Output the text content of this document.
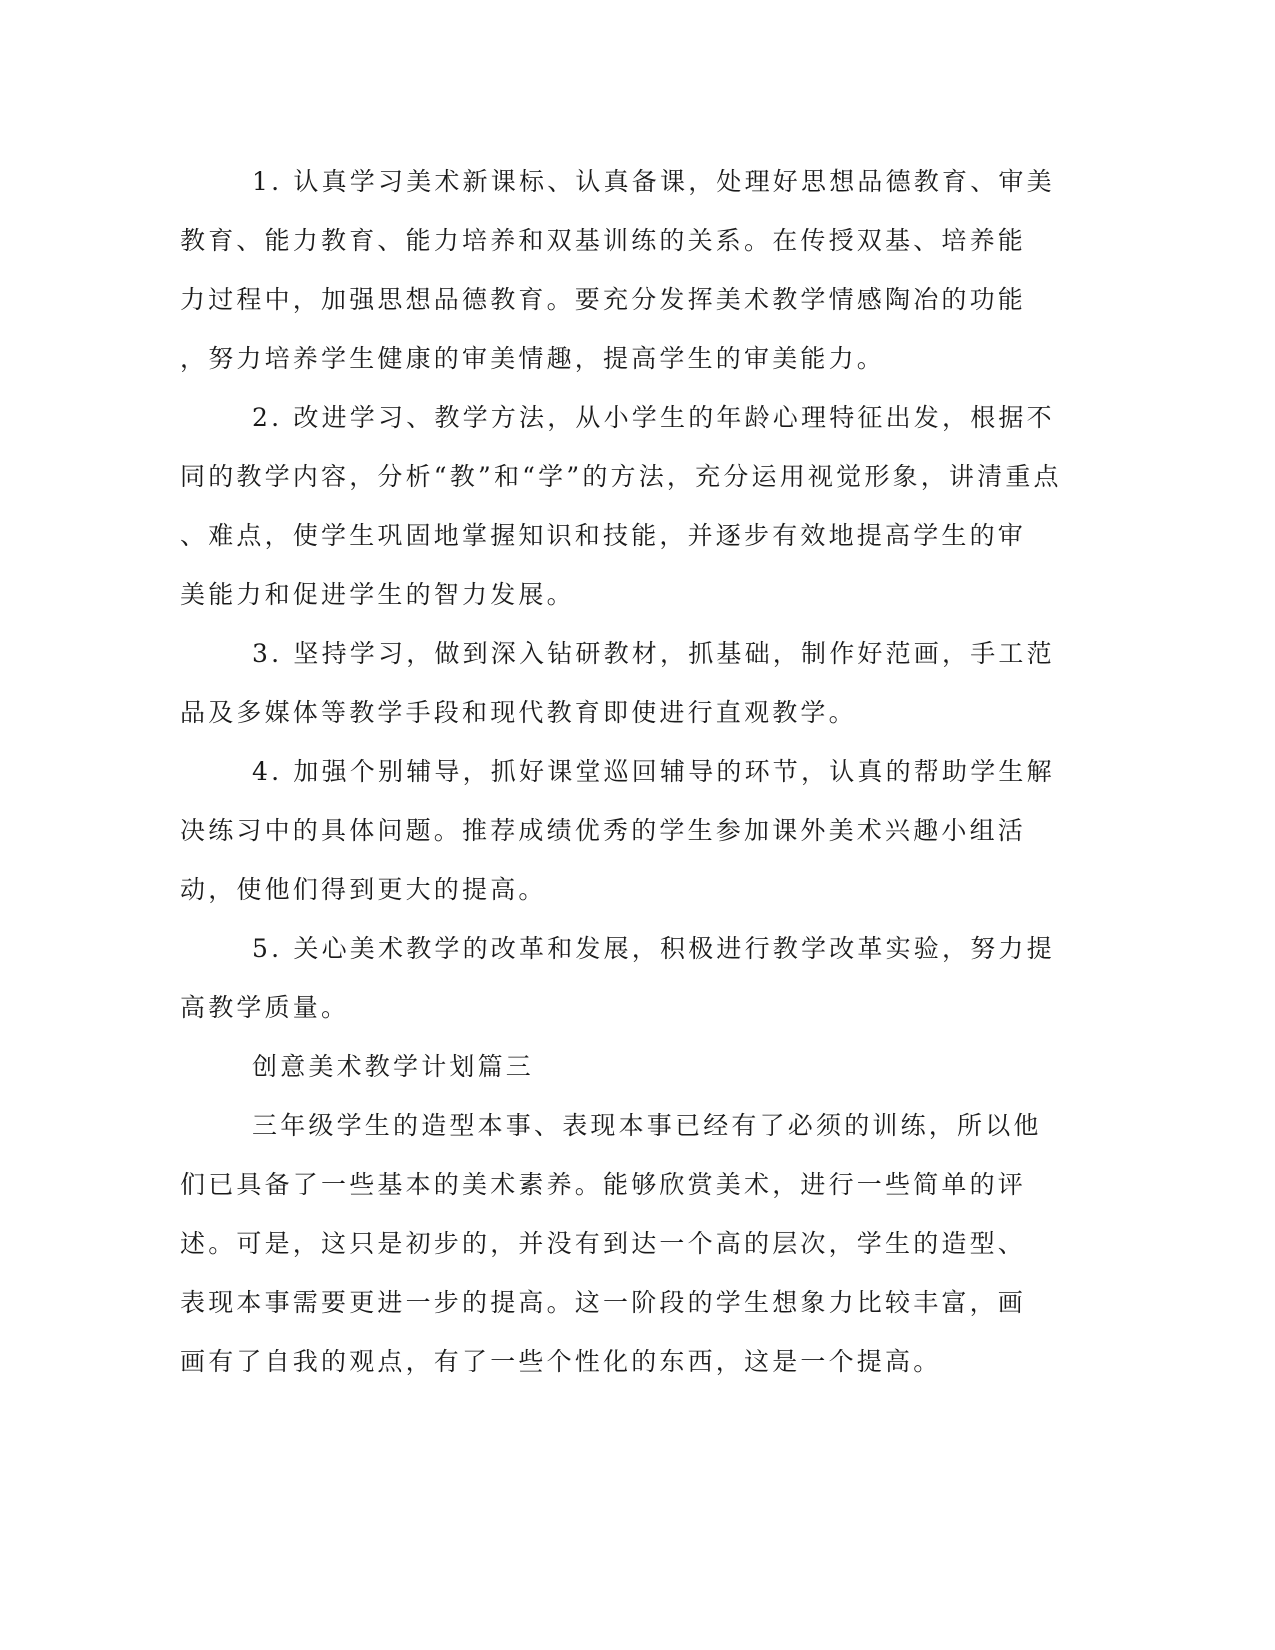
1. 认真学习美术新课标、认真备课，处理好思想品德教育、审美
教育、能力教育、能力培养和双基训练的关系。在传授双基、培养能
力过程中，加强思想品德教育。要充分发挥美术教学情感陶冶的功能
，努力培养学生健康的审美情趣，提高学生的审美能力。
2. 改进学习、教学方法，从小学生的年龄心理特征出发，根据不
同的教学内容，分析“教”和“学”的方法，充分运用视觉形象，讲清重点
、难点，使学生巩固地掌握知识和技能，并逐步有效地提高学生的审
美能力和促进学生的智力发展。
3. 坚持学习，做到深入钻研教材，抓基础，制作好范画，手工范
品及多媒体等教学手段和现代教育即使进行直观教学。
4. 加强个别辅导，抓好课堂巡回辅导的环节，认真的帮助学生解
决练习中的具体问题。推荐成绩优秀的学生参加课外美术兴趣小组活
动，使他们得到更大的提高。
5. 关心美术教学的改革和发展，积极进行教学改革实验，努力提
高教学质量。
创意美术教学计划篇三
三年级学生的造型本事、表现本事已经有了必须的训练，所以他
们已具备了一些基本的美术素养。能够欣赏美术，进行一些简单的评
述。可是，这只是初步的，并没有到达一个高的层次，学生的造型、
表现本事需要更进一步的提高。这一阶段的学生想象力比较丰富，画
画有了自我的观点，有了一些个性化的东西，这是一个提高。
